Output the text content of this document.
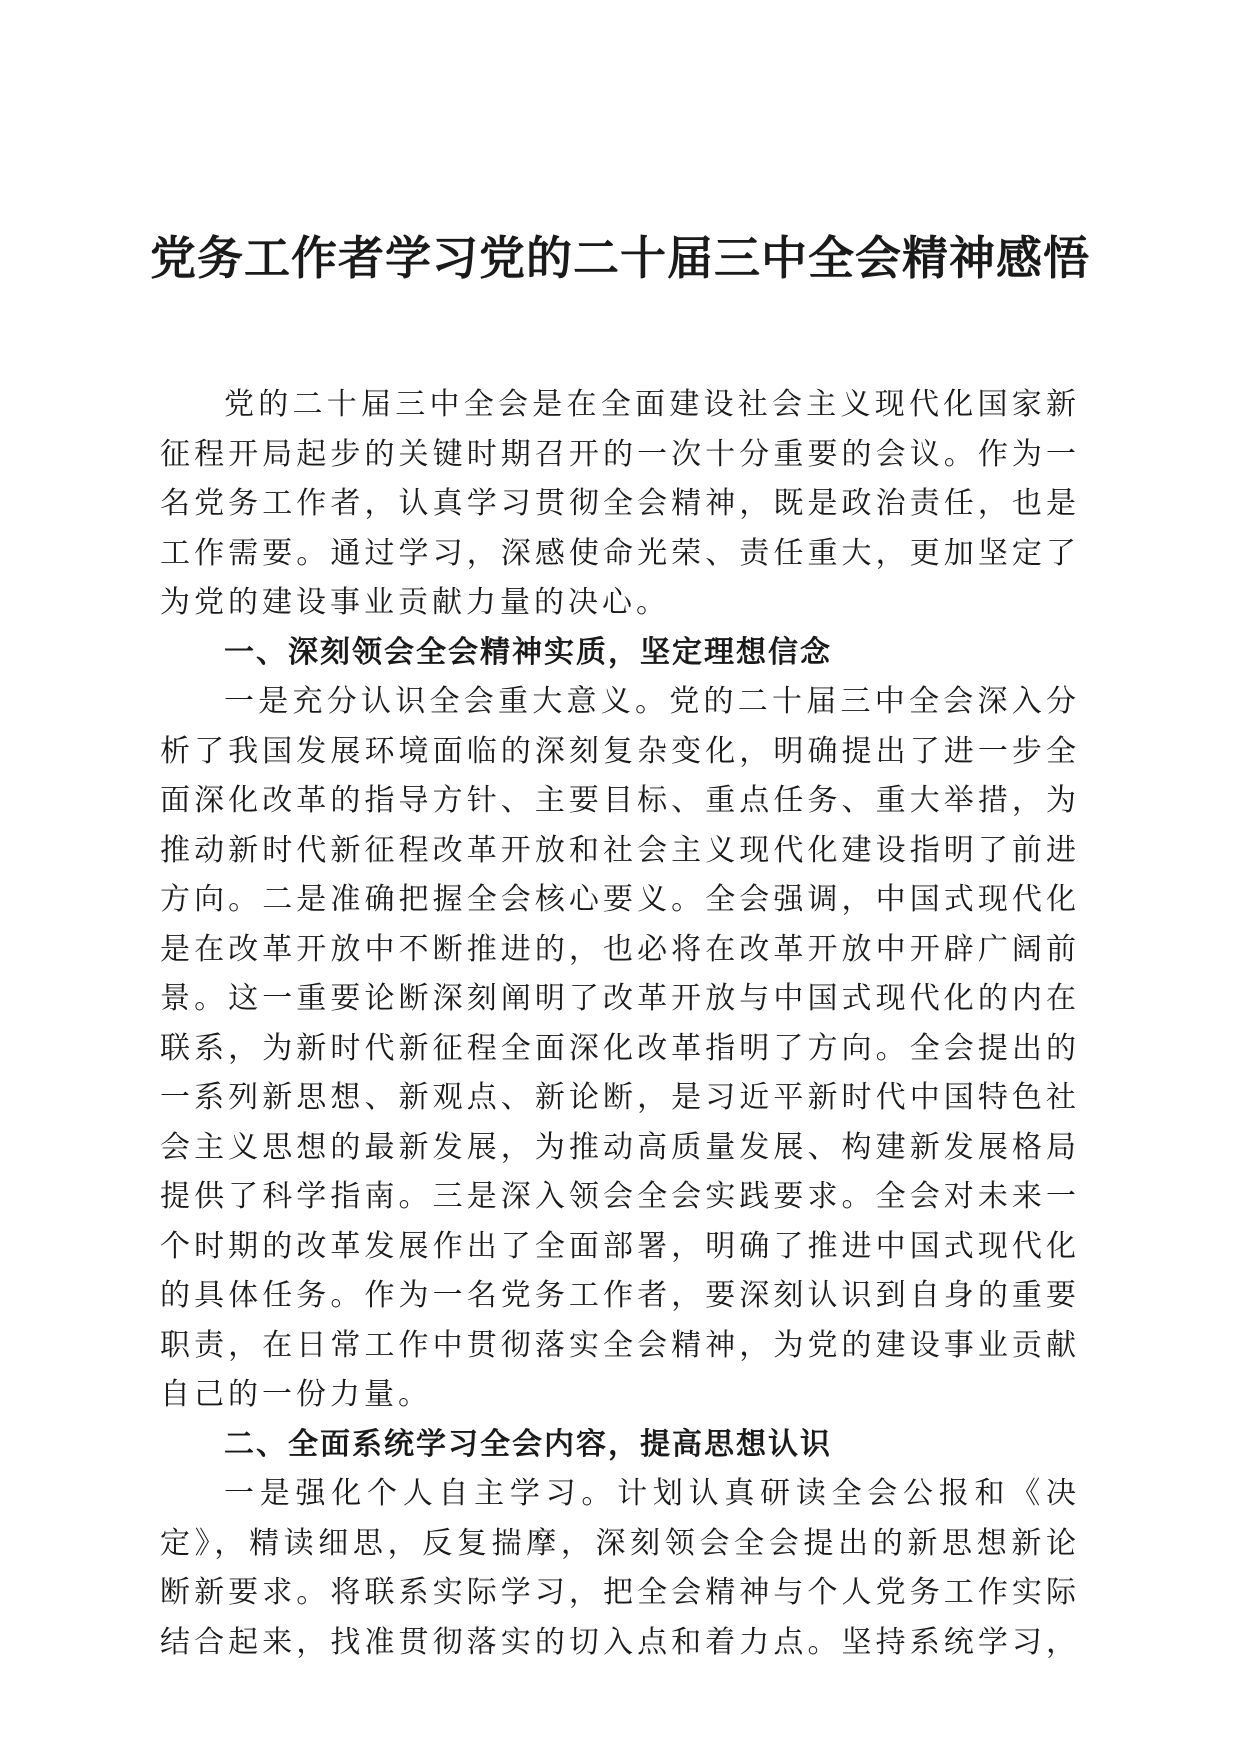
党务工作者学习党的二十届三中全会精神感悟
党的二十届三中全会是在全面建设社会主义现代化国家新
征程开局起步的关键时期召开的一次十分重要的会议。作为一
名党务工作者，认真学习贯彻全会精神，既是政治责任，也是
工作需要。通过学习，深感使命光荣、责任重大，更加坚定了
为党的建设事业贡献力量的决心。
一、深刻领会全会精神实质，坚定理想信念
一是充分认识全会重大意义。党的二十届三中全会深入分
析了我国发展环境面临的深刻复杂变化，明确提出了进一步全
面深化改革的指导方针、主要目标、重点任务、重大举措，为
推动新时代新征程改革开放和社会主义现代化建设指明了前进
方向。二是准确把握全会核心要义。全会强调，中国式现代化
是在改革开放中不断推进的，也必将在改革开放中开辟广阔前
景。这一重要论断深刻阐明了改革开放与中国式现代化的内在
联系，为新时代新征程全面深化改革指明了方向。全会提出的
一系列新思想、新观点、新论断，是习近平新时代中国特色社
会主义思想的最新发展，为推动高质量发展、构建新发展格局
提供了科学指南。三是深入领会全会实践要求。全会对未来一
个时期的改革发展作出了全面部署，明确了推进中国式现代化
的具体任务。作为一名党务工作者，要深刻认识到自身的重要
职责，在日常工作中贯彻落实全会精神，为党的建设事业贡献
自己的一份力量。
二、全面系统学习全会内容，提高思想认识
一是强化个人自主学习。计划认真研读全会公报和《决
定》，精读细思，反复揣摩，深刻领会全会提出的新思想新论
断新要求。将联系实际学习，把全会精神与个人党务工作实际
结合起来，找准贯彻落实的切入点和着力点。坚持系统学习，
